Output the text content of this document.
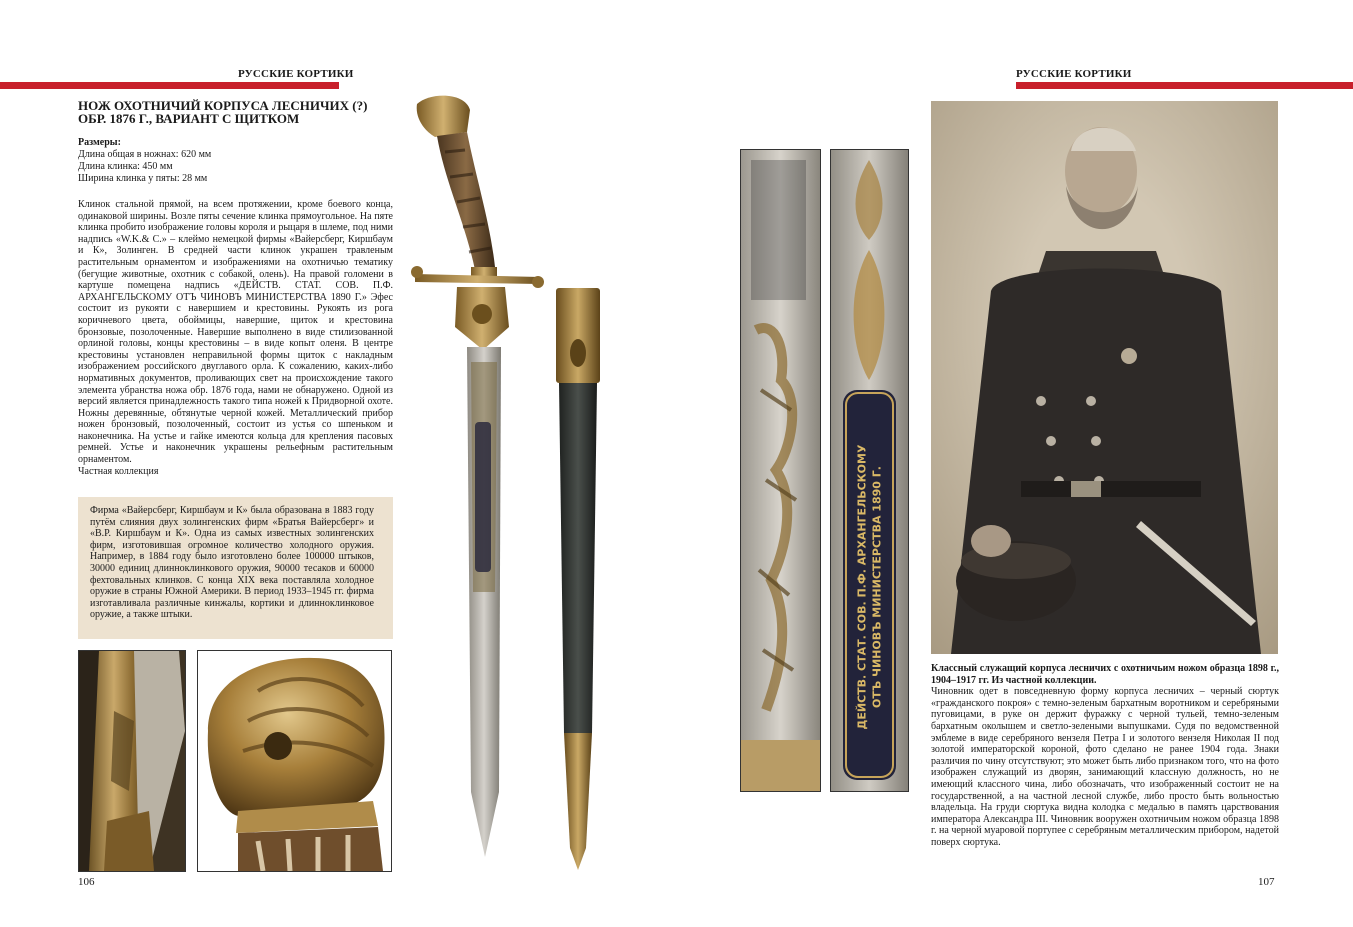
РУССКИЕ КОРТИКИ
НОЖ ОХОТНИЧИЙ КОРПУСА ЛЕСНИЧИХ (?)
ОБР. 1876 Г., ВАРИАНТ С ЩИТКОМ
Размеры:
Длина общая в ножнах: 620 мм
Длина клинка: 450 мм
Ширина клинка у пяты: 28 мм

Клинок стальной прямой, на всем протяжении, кроме боевого конца, одинаковой ширины. Возле пяты сечение клинка прямоугольное. На пяте клинка пробито изображение головы короля и рыцаря в шлеме, под ними надпись «W.K.& C.» – клеймо немецкой фирмы «Вайерсберг, Киршбаум и К», Золинген. В средней части клинок украшен травленым растительным орнаментом и изображениями на охотничью тематику (бегущие животные, охотник с собакой, олень). На правой голомени в картуше помещена надпись «ДЕЙСТВ. СТАТ. СОВ. П.Ф. АРХАНГЕЛЬСКОМУ ОТЪ ЧИНОВЪ МИНИСТЕРСТВА 1890 Г.» Эфес состоит из рукояти с навершием и крестовины. Рукоять из рога коричневого цвета, обоймицы, навершие, щиток и крестовина бронзовые, позолоченные. Навершие выполнено в виде стилизованной орлиной головы, концы крестовины – в виде копыт оленя. В центре крестовины установлен неправильной формы щиток с накладным изображением российского двуглавого орла. К сожалению, каких-либо нормативных документов, проливающих свет на происхождение такого элемента убранства ножа обр. 1876 года, нами не обнаружено. Одной из версий является принадлежность такого типа ножей к Придворной охоте. Ножны деревянные, обтянутые черной кожей. Металлический прибор ножен бронзовый, позолоченный, состоит из устья со шпеньком и наконечника. На устье и гайке имеются кольца для крепления пасовых ремней. Устье и наконечник украшены рельефным растительным орнаментом.

Частная коллекция

Фирма «Вайерсберг, Киршбаум и К» была образована в 1883 году путём слияния двух золингенских фирм «Братья Вайерсберг» и «В.Р. Киршбаум и К». Одна из самых известных золингенских фирм, изготовившая огромное количество холодного оружия. Например, в 1884 году было изготовлено более 100000 штыков, 30000 единиц длинноклинкового оружия, 90000 тесаков и 60000 фехтовальных клинков. С конца XIX века поставляла холодное оружие в страны Южной Америки. В период 1933–1945 гг. фирма изготавливала различные кинжалы, кортики и длинноклинковое оружие, а также штыки.
106
РУССКИЕ КОРТИКИ
ДЕЙСТВ. СТАТ. СОВ. П.Ф. АРХАНГЕЛЬСКОМУ ОТЪ ЧИНОВЪ МИНИСТЕРСТВА 1890 Г.	Классный служащий корпуса лесничих с охотничьим ножом образца 1898 г., 1904–1917 гг. Из частной коллекции.
Чиновник одет в повседневную форму корпуса лесничих – черный сюртук «гражданского покроя» с темно-зеленым бархатным воротником и серебряными пуговицами, в руке он держит фуражку с черной тульей, темно-зеленым бархатным околышем и светло-зелеными выпушками. Судя по ведомственной эмблеме в виде серебряного вензеля Петра I и золотого вензеля Николая II под золотой императорской короной, фото сделано не ранее 1904 года. Знаки различия по чину отсутствуют; это может быть либо признаком того, что на фото изображен служащий из дворян, занимающий классную должность, но не имеющий классного чина, либо обозначать, что изображенный состоит не на государственной, а на частной лесной службе, либо просто быть вольностью владельца. На груди сюртука видна колодка с медалью в память царствования императора Александра III. Чиновник вооружен охотничьим ножом образца 1898 г. на черной муаровой портупее с серебряным металлическим прибором, надетой поверх сюртука.
107
